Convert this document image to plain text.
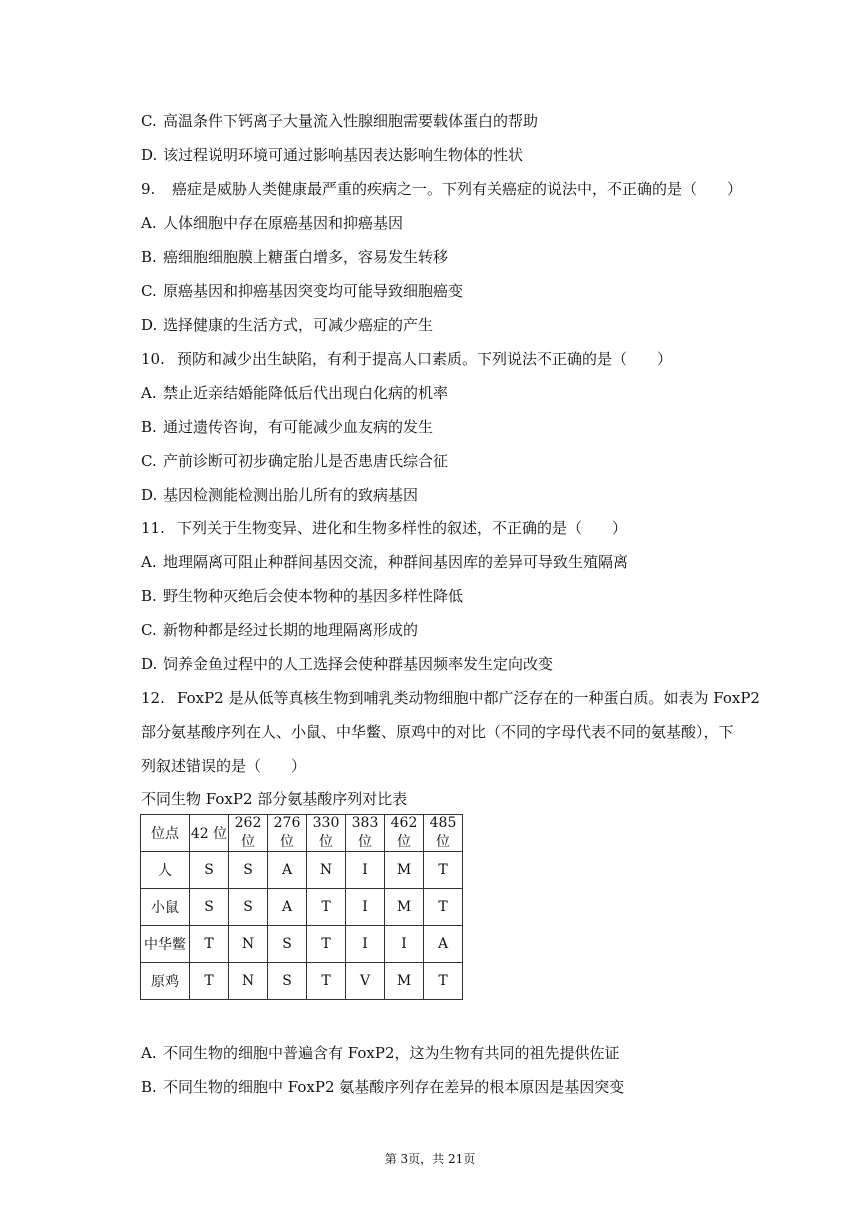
C. 高温条件下钙离子大量流入性腺细胞需要载体蛋白的帮助
D. 该过程说明环境可通过影响基因表达影响生物体的性状
9. 癌症是威胁人类健康最严重的疾病之一。下列有关癌症的说法中，不正确的是（　　）
A. 人体细胞中存在原癌基因和抑癌基因
B. 癌细胞细胞膜上糖蛋白增多，容易发生转移
C. 原癌基因和抑癌基因突变均可能导致细胞癌变
D. 选择健康的生活方式，可减少癌症的产生
10. 预防和减少出生缺陷，有利于提高人口素质。下列说法不正确的是（　　）
A. 禁止近亲结婚能降低后代出现白化病的机率
B. 通过遗传咨询，有可能减少血友病的发生
C. 产前诊断可初步确定胎儿是否患唐氏综合征
D. 基因检测能检测出胎儿所有的致病基因
11. 下列关于生物变异、进化和生物多样性的叙述，不正确的是（　　）
A. 地理隔离可阻止种群间基因交流，种群间基因库的差异可导致生殖隔离
B. 野生物种灭绝后会使本物种的基因多样性降低
C. 新物种都是经过长期的地理隔离形成的
D. 饲养金鱼过程中的人工选择会使种群基因频率发生定向改变
12. FoxP2 是从低等真核生物到哺乳类动物细胞中都广泛存在的一种蛋白质。如表为 FoxP2
部分氨基酸序列在人、小鼠、中华鳖、原鸡中的对比（不同的字母代表不同的氨基酸），下
列叙述错误的是（　　）
不同生物 FoxP2 部分氨基酸序列对比表
位点	42 位	262 位	276 位	330 位	383 位	462 位	485 位
人	S	S	A	N	I	M	T
小鼠	S	S	A	T	I	M	T
中华鳖	T	N	S	T	I	I	A
原鸡	T	N	S	T	V	M	T
A. 不同生物的细胞中普遍含有 FoxP2，这为生物有共同的祖先提供佐证
B. 不同生物的细胞中 FoxP2 氨基酸序列存在差异的根本原因是基因突变
第 3页，共 21页
